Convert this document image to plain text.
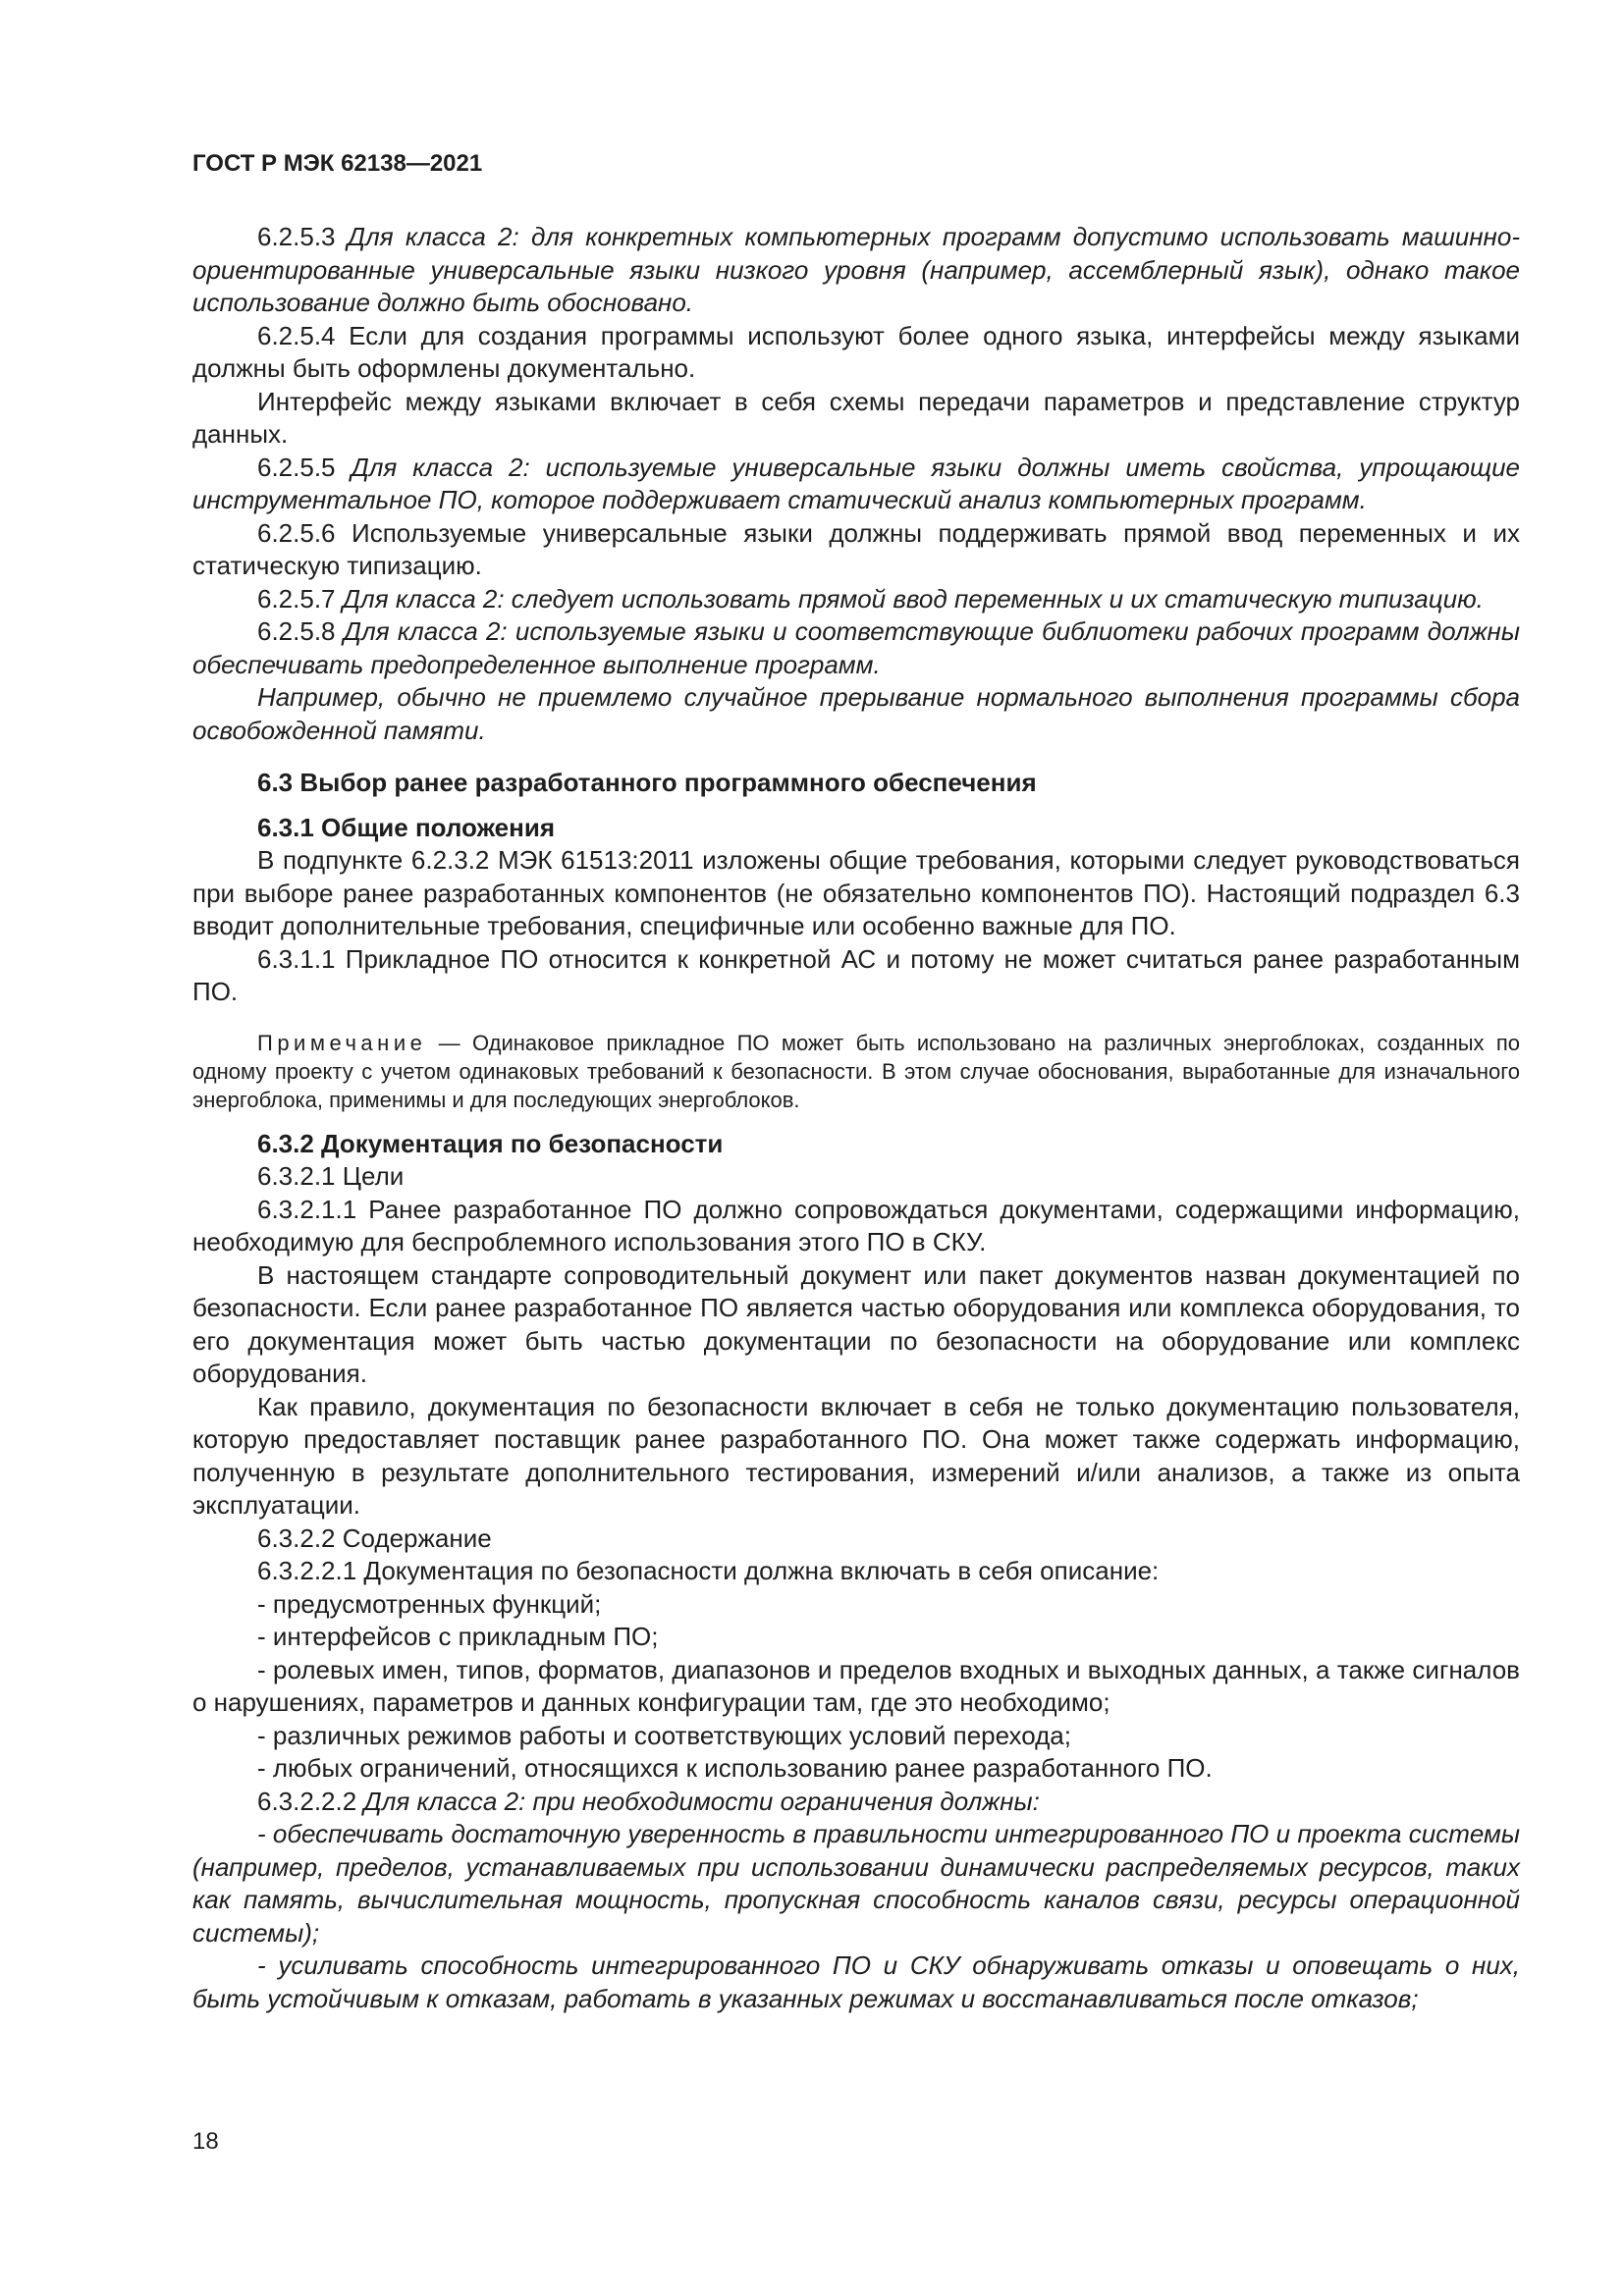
ГОСТ Р МЭК 62138—2021

6.2.5.3 Для класса 2: для конкретных компьютерных программ допустимо использовать машинно-ориентированные универсальные языки низкого уровня (например, ассемблерный язык), однако такое использование должно быть обосновано.

6.2.5.4 Если для создания программы используют более одного языка, интерфейсы между языками должны быть оформлены документально.

Интерфейс между языками включает в себя схемы передачи параметров и представление структур данных.

6.2.5.5 Для класса 2: используемые универсальные языки должны иметь свойства, упрощающие инструментальное ПО, которое поддерживает статический анализ компьютерных программ.

6.2.5.6 Используемые универсальные языки должны поддерживать прямой ввод переменных и их статическую типизацию.

6.2.5.7 Для класса 2: следует использовать прямой ввод переменных и их статическую типизацию.

6.2.5.8 Для класса 2: используемые языки и соответствующие библиотеки рабочих программ должны обеспечивать предопределенное выполнение программ.

Например, обычно не приемлемо случайное прерывание нормального выполнения программы сбора освобожденной памяти.

6.3 Выбор ранее разработанного программного обеспечения

6.3.1 Общие положения

В подпункте 6.2.3.2 МЭК 61513:2011 изложены общие требования, которыми следует руководствоваться при выборе ранее разработанных компонентов (не обязательно компонентов ПО). Настоящий подраздел 6.3 вводит дополнительные требования, специфичные или особенно важные для ПО.

6.3.1.1 Прикладное ПО относится к конкретной АС и потому не может считаться ранее разработанным ПО.

Примечание — Одинаковое прикладное ПО может быть использовано на различных энергоблоках, созданных по одному проекту с учетом одинаковых требований к безопасности. В этом случае обоснования, выработанные для изначального энергоблока, применимы и для последующих энергоблоков.

6.3.2 Документация по безопасности

6.3.2.1 Цели

6.3.2.1.1 Ранее разработанное ПО должно сопровождаться документами, содержащими информацию, необходимую для беспроблемного использования этого ПО в СКУ.

В настоящем стандарте сопроводительный документ или пакет документов назван документацией по безопасности. Если ранее разработанное ПО является частью оборудования или комплекса оборудования, то его документация может быть частью документации по безопасности на оборудование или комплекс оборудования.

Как правило, документация по безопасности включает в себя не только документацию пользователя, которую предоставляет поставщик ранее разработанного ПО. Она может также содержать информацию, полученную в результате дополнительного тестирования, измерений и/или анализов, а также из опыта эксплуатации.

6.3.2.2 Содержание

6.3.2.2.1 Документация по безопасности должна включать в себя описание:

- предусмотренных функций;

- интерфейсов с прикладным ПО;

- ролевых имен, типов, форматов, диапазонов и пределов входных и выходных данных, а также сигналов о нарушениях, параметров и данных конфигурации там, где это необходимо;

- различных режимов работы и соответствующих условий перехода;

- любых ограничений, относящихся к использованию ранее разработанного ПО.

6.3.2.2.2 Для класса 2: при необходимости ограничения должны:

- обеспечивать достаточную уверенность в правильности интегрированного ПО и проекта системы (например, пределов, устанавливаемых при использовании динамически распределяемых ресурсов, таких как память, вычислительная мощность, пропускная способность каналов связи, ресурсы операционной системы);

- усиливать способность интегрированного ПО и СКУ обнаруживать отказы и оповещать о них, быть устойчивым к отказам, работать в указанных режимах и восстанавливаться после отказов;

18
